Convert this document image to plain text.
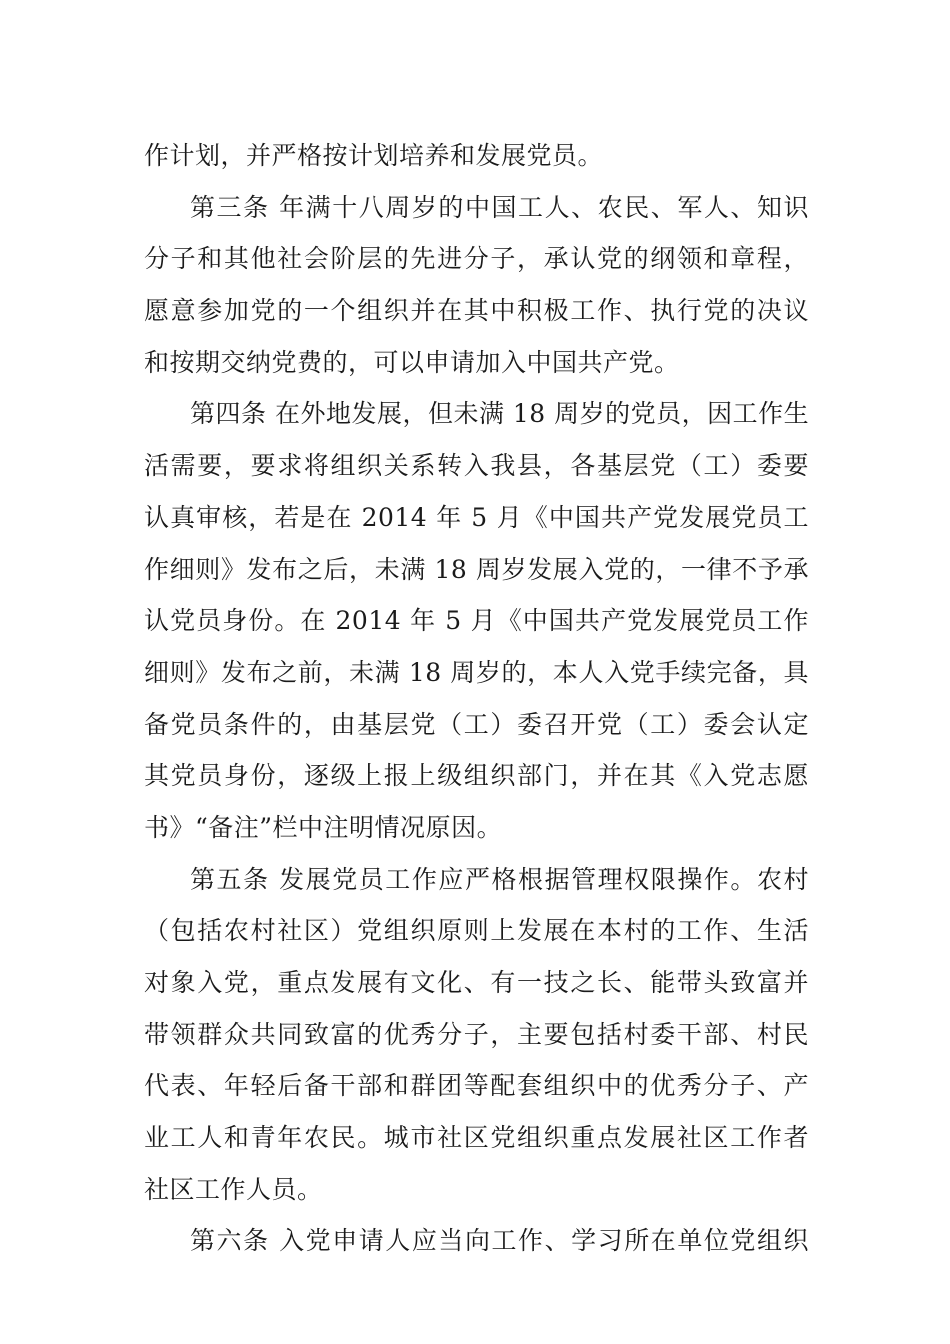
作计划，并严格按计划培养和发展党员。
第三条 年满十八周岁的中国工人、农民、军人、知识
分子和其他社会阶层的先进分子，承认党的纲领和章程，
愿意参加党的一个组织并在其中积极工作、执行党的决议
和按期交纳党费的，可以申请加入中国共产党。
第四条 在外地发展，但未满 18 周岁的党员，因工作生
活需要，要求将组织关系转入我县，各基层党（工）委要
认真审核，若是在 2014 年 5 月《中国共产党发展党员工
作细则》发布之后，未满 18 周岁发展入党的，一律不予承
认党员身份。在 2014 年 5 月《中国共产党发展党员工作
细则》发布之前，未满 18 周岁的，本人入党手续完备，具
备党员条件的，由基层党（工）委召开党（工）委会认定
其党员身份，逐级上报上级组织部门，并在其《入党志愿
书》“备注”栏中注明情况原因。
第五条 发展党员工作应严格根据管理权限操作。农村
（包括农村社区）党组织原则上发展在本村的工作、生活
对象入党，重点发展有文化、有一技之长、能带头致富并
带领群众共同致富的优秀分子，主要包括村委干部、村民
代表、年轻后备干部和群团等配套组织中的优秀分子、产
业工人和青年农民。城市社区党组织重点发展社区工作者
社区工作人员。
第六条 入党申请人应当向工作、学习所在单位党组织
